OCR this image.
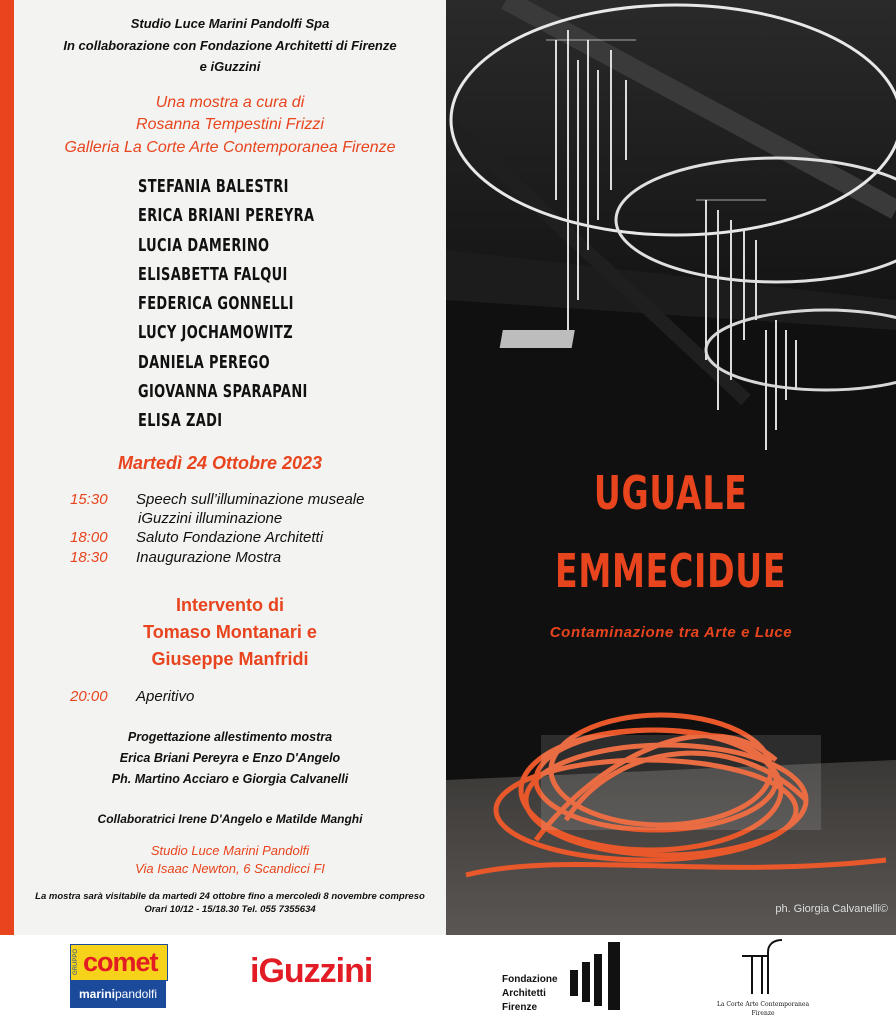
Studio Luce Marini Pandolfi Spa
In collaborazione con Fondazione Architetti di Firenze
e iGuzzini
Una mostra a cura di
Rosanna Tempestini Frizzi
Galleria La Corte Arte Contemporanea Firenze
STEFANIA BALESTRI
ERICA BRIANI PEREYRA
LUCIA DAMERINO
ELISABETTA FALQUI
FEDERICA GONNELLI
LUCY JOCHAMOWITZ
DANIELA PEREGO
GIOVANNA SPARAPANI
ELISA ZADI
Martedì 24 Ottobre 2023
15:30 Speech sull’illuminazione museale
iGuzzini illuminazione
18:00 Saluto Fondazione Architetti
18:30 Inaugurazione Mostra
Intervento di
Tomaso Montanari e
Giuseppe Manfridi
20:00 Aperitivo
Progettazione allestimento mostra
Erica Briani Pereyra e Enzo D'Angelo
Ph. Martino Acciaro e Giorgia Calvanelli
Collaboratrici Irene D'Angelo e Matilde Manghi
Studio Luce Marini Pandolfi
Via Isaac Newton, 6 Scandicci FI
La mostra sarà visitabile da martedì 24 ottobre fino a mercoledì 8 novembre compreso
Orari 10/12 - 15/18.30 Tel. 055 7355634
UGUALE
EMMECIDUE
Contaminazione tra Arte e Luce
ph. Giorgia Calvanelli©
GRUPPO comet
marinipandolfi
iGuzzini	Fondazione
Architetti
Firenze	La Corte Arte Contemporanea
Firenze
